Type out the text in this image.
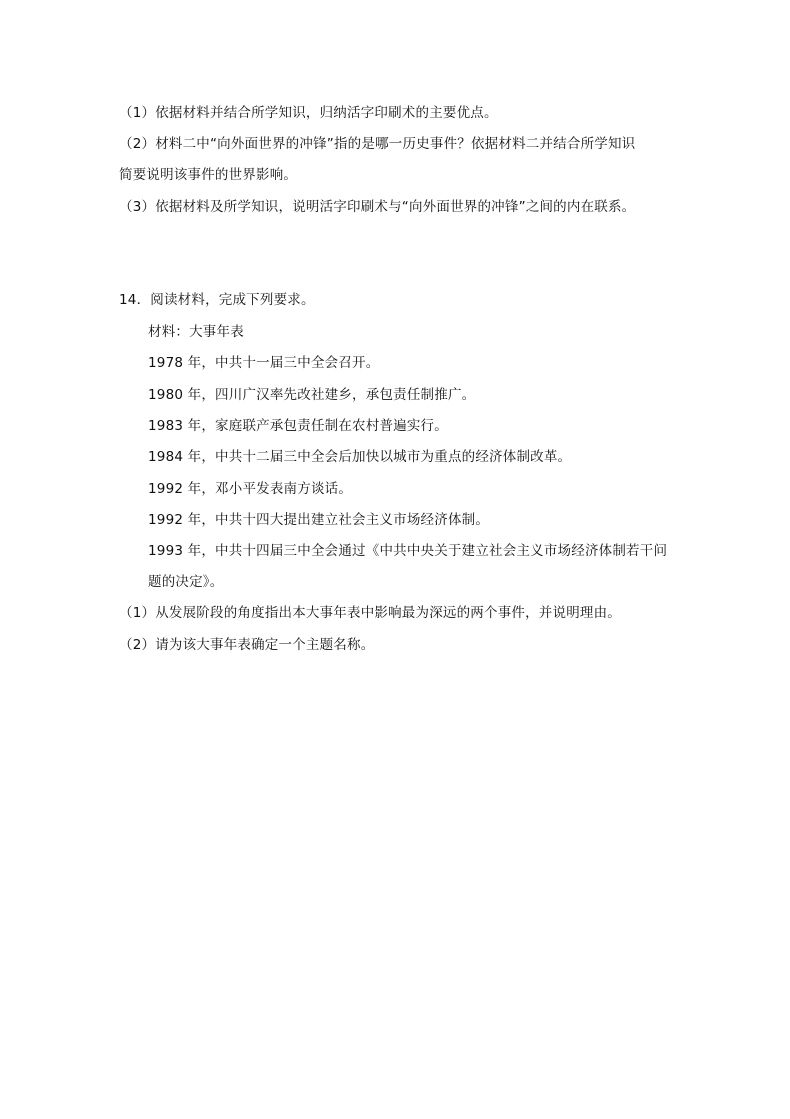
（1）依据材料并结合所学知识，归纳活字印刷术的主要优点。
（2）材料二中“向外面世界的冲锋”指的是哪一历史事件？依据材料二并结合所学知识
简要说明该事件的世界影响。
（3）依据材料及所学知识，说明活字印刷术与“向外面世界的冲锋”之间的内在联系。
14．阅读材料，完成下列要求。
材料：大事年表
1978 年，中共十一届三中全会召开。
1980 年，四川广汉率先改社建乡，承包责任制推广。
1983 年，家庭联产承包责任制在农村普遍实行。
1984 年，中共十二届三中全会后加快以城市为重点的经济体制改革。
1992 年，邓小平发表南方谈话。
1992 年，中共十四大提出建立社会主义市场经济体制。
1993 年，中共十四届三中全会通过《中共中央关于建立社会主义市场经济体制若干问
题的决定》。
（1）从发展阶段的角度指出本大事年表中影响最为深远的两个事件，并说明理由。
（2）请为该大事年表确定一个主题名称。
